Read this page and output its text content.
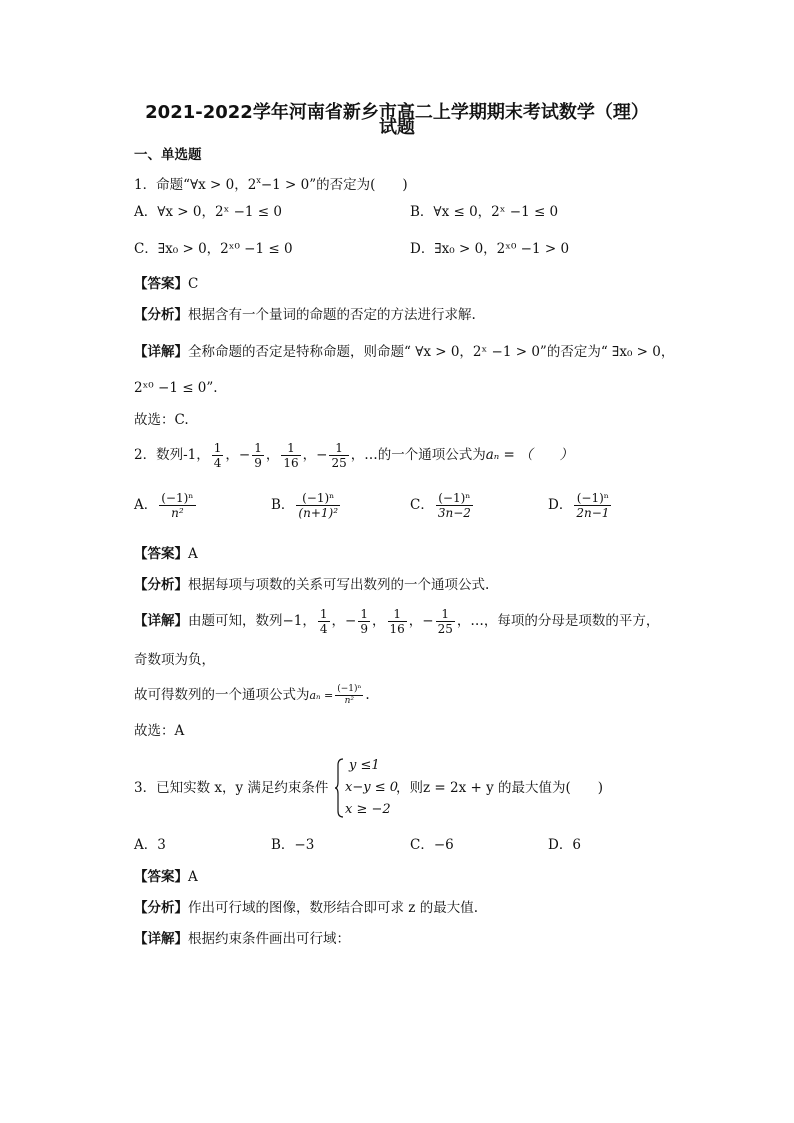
2021-2022学年河南省新乡市高二上学期期末考试数学（理）
试题
一、单选题
1．命题“∀x > 0，$2^x-1 > 0$”的否定为(　　)
A．∀x > 0，2ˣ −1 ≤ 0	B．∀x ≤ 0，2ˣ −1 ≤ 0
C．∃x₀ > 0，2ˣ⁰ −1 ≤ 0	D．∃x₀ > 0，2ˣ⁰ −1 > 0
【答案】C
【分析】根据含有一个量词的命题的否定的方法进行求解.
【详解】全称命题的否定是特称命题，则命题“ ∀x > 0，2ˣ −1 > 0”的否定为“ ∃x₀ > 0，
2ˣ⁰ −1 ≤ 0”.
故选：C.
2．数列-1， $\frac{1}{4}$ ，− $\frac{1}{9}$ ， $\frac{1}{16}$ ，− $\frac{1}{25}$ ，…的一个通项公式为aₙ = （　　）
A． $\frac{\text{(−1)ⁿ}}{\text{n²}}$	B． $\frac{\text{(−1)ⁿ}}{\text{(n+1)²}}$	C． $\frac{\text{(−1)ⁿ}}{3n-2}$	D． $\frac{\text{(−1)ⁿ}}{2n-1}$
【答案】A
【分析】根据每项与项数的关系可写出数列的一个通项公式.
【详解】由题可知，数列−1， $\frac{1}{4}$ ，− $\frac{1}{9}$ ， $\frac{1}{16}$ ，− $\frac{1}{25}$ ，…，每项的分母是项数的平方，
奇数项为负，
故可得数列的一个通项公式为$a_n = \frac{\text{(−1)ⁿ}}{\text{n²}}$ .
故选：A
3．已知实数 x，y 满足约束条件
y ≤1
x−y ≤ 0
x ≥ −2
，则z = 2x + y 的最大值为(　　)
A．3	B．−3	C．−6	D．6
【答案】A
【分析】作出可行域的图像，数形结合即可求 z 的最大值.
【详解】根据约束条件画出可行域：
